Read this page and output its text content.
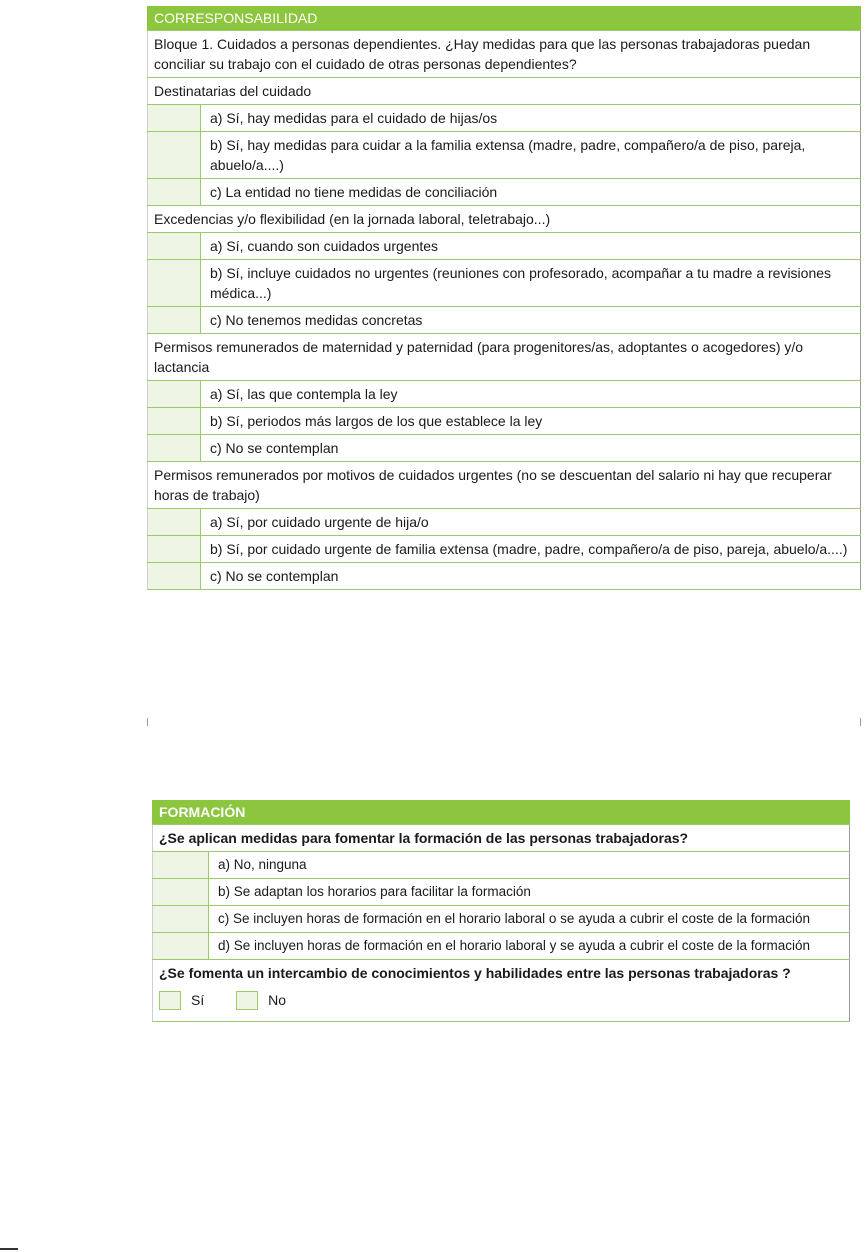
CORRESPONSABILIDAD	
Bloque 1. Cuidados a personas dependientes. ¿Hay medidas para que las personas trabajadoras puedan conciliar su trabajo con el cuidado de otras personas dependientes?	
Destinatarias del cuidado	
	a) Sí, hay medidas para el cuidado de hijas/os
	b) Sí, hay medidas para cuidar a la familia extensa (madre, padre, compañero/a de piso, pareja, abuelo/a....)
	c) La entidad no tiene medidas de conciliación
Excedencias y/o flexibilidad (en la jornada laboral, teletrabajo...)	
	a) Sí, cuando son cuidados urgentes
	b) Sí, incluye cuidados no urgentes (reuniones con profesorado, acompañar a tu madre a revisiones médica...)
	c) No tenemos medidas concretas
Permisos remunerados de maternidad y paternidad (para progenitores/as, adoptantes o acogedores) y/o lactancia	
	a) Sí, las que contempla la ley
	b) Sí, periodos más largos de los que establece la ley
	c) No se contemplan
Permisos remunerados por motivos de cuidados urgentes (no se descuentan del salario ni hay que recuperar horas de trabajo)	
	a) Sí, por cuidado urgente de hija/o
	b) Sí, por cuidado urgente de familia extensa (madre, padre, compañero/a de piso, pareja, abuelo/a....)
	c) No se contemplan
FORMACIÓN	
¿Se aplican medidas para fomentar la formación de las personas trabajadoras?	
	a) No, ninguna
	b) Se adaptan los horarios para facilitar la formación
	c) Se incluyen horas de formación en el horario laboral o se ayuda a cubrir el coste de la formación
	d) Se incluyen horas de formación en el horario laboral y se ayuda a cubrir el coste de la formación
¿Se fomenta un intercambio de conocimientos y habilidades entre las personas trabajadoras ?	

Sí
No	
